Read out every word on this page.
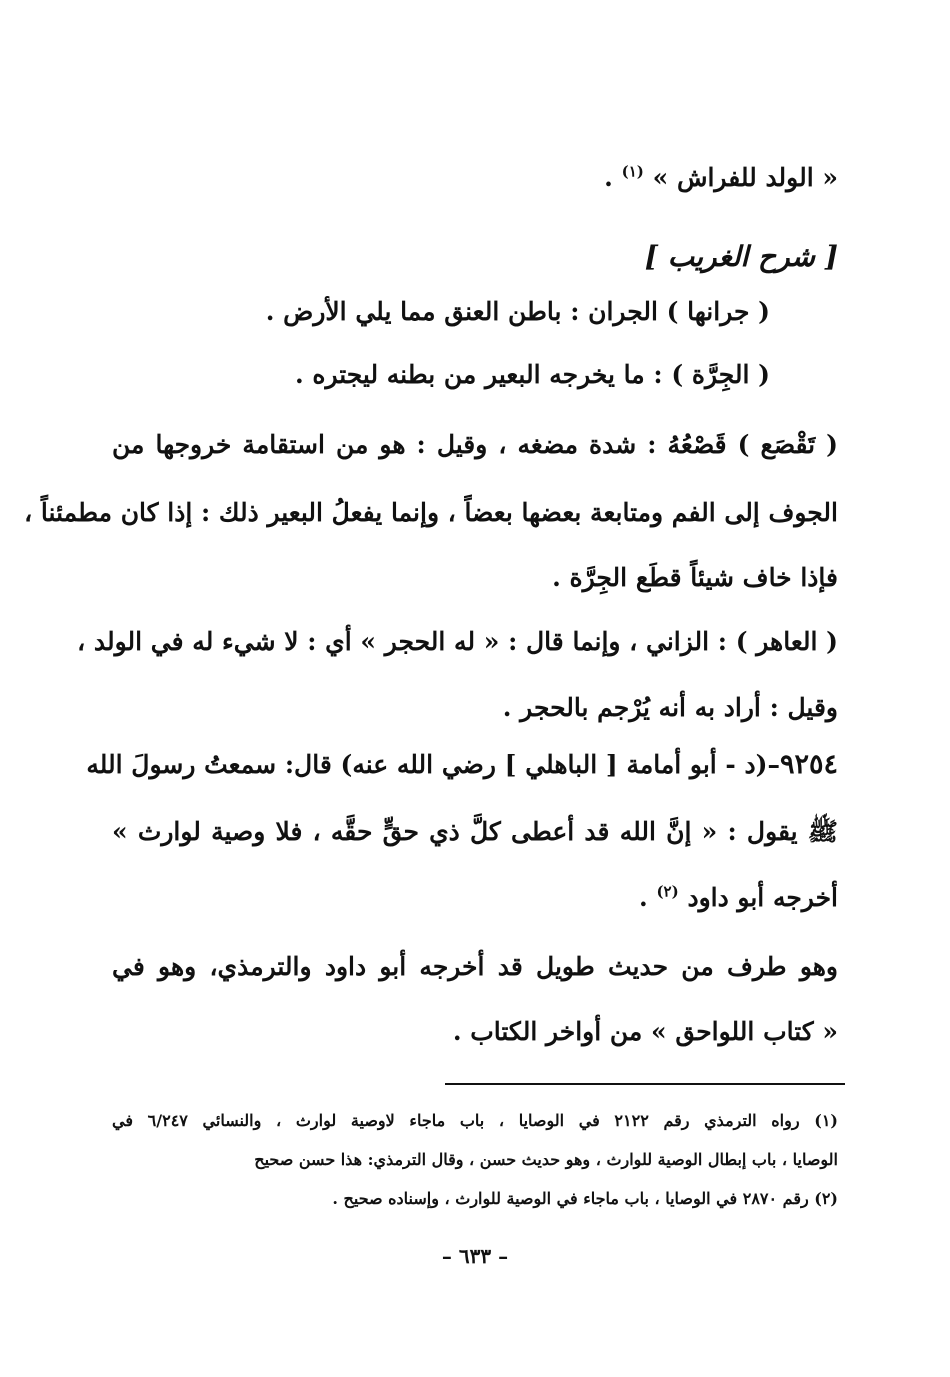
« الولد للفراش » $^{(١)}$ .
[ شرح الغريب ]
( جرانها ) الجران : باطن العنق مما يلي الأرض .
( الجِرَّة ) : ما يخرجه البعير من بطنه ليجتره .
( تَقْصَع ) قَصْعُهُ : شدة مضغه ، وقيل : هو من استقامة خروجها من
الجوف إلى الفم ومتابعة بعضها بعضاً ، وإنما يفعلُ البعير ذلك : إذا كان مطمئناً ،
فإذا خاف شيئاً قطَع الجِرَّة .
( العاهر ) : الزاني ، وإنما قال : « له الحجر » أي : لا شيء له في الولد ،
وقيل : أراد به أنه يُرْجم بالحجر .
٩٢٥٤–(د - أبو أمامة [ الباهلي ] رضي الله عنه) قال: سمعتُ رسولَ الله
ﷺ يقول : « إنَّ الله قد أعطى كلَّ ذي حقٍّ حقَّه ، فلا وصية لوارث »
أخرجه أبو داود $^{(٢)}$ .
وهو طرف من حديث طويل قد أخرجه أبو داود والترمذي، وهو في
« كتاب اللواحق » من أواخر الكتاب .
(١) رواه الترمذي رقم ٢١٢٢ في الوصايا ، باب ماجاء لاوصية لوارث ، والنسائي ٦/٢٤٧ في
الوصايا ، باب إبطال الوصية للوارث ، وهو حديث حسن ، وقال الترمذي: هذا حسن صحيح
(٢) رقم ٢٨٧٠ في الوصايا ، باب ماجاء في الوصية للوارث ، وإسناده صحيح .
– ٦٣٣ –
